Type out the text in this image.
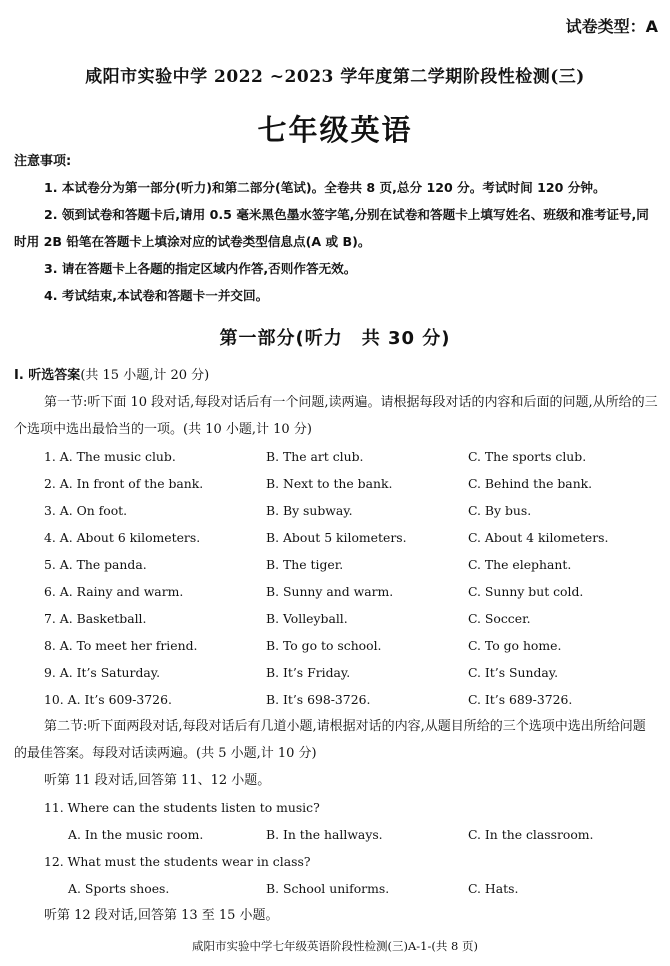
试卷类型：A
咸阳市实验中学 2022 ~2023 学年度第二学期阶段性检测(三)
七年级英语
注意事项:
1. 本试卷分为第一部分(听力)和第二部分(笔试)。全卷共 8 页,总分 120 分。考试时间 120 分钟。
2. 领到试卷和答题卡后,请用 0.5 毫米黑色墨水签字笔,分别在试卷和答题卡上填写姓名、班级和准考证号,同时用 2B 铅笔在答题卡上填涂对应的试卷类型信息点(A 或 B)。
3. 请在答题卡上各题的指定区域内作答,否则作答无效。
4. 考试结束,本试卷和答题卡一并交回。
第一部分(听力　共 30 分)
Ⅰ. 听选答案(共 15 小题,计 20 分)
第一节:听下面 10 段对话,每段对话后有一个问题,读两遍。请根据每段对话的内容和后面的问题,从所给的三个选项中选出最恰当的一项。(共 10 小题,计 10 分)
1. A. The music club.	B. The art club.	C. The sports club.
2. A. In front of the bank.	B. Next to the bank.	C. Behind the bank.
3. A. On foot.	B. By subway.	C. By bus.
4. A. About 6 kilometers.	B. About 5 kilometers.	C. About 4 kilometers.
5. A. The panda.	B. The tiger.	C. The elephant.
6. A. Rainy and warm.	B. Sunny and warm.	C. Sunny but cold.
7. A. Basketball.	B. Volleyball.	C. Soccer.
8. A. To meet her friend.	B. To go to school.	C. To go home.
9. A. It’s Saturday.	B. It’s Friday.	C. It’s Sunday.
10. A. It’s 609-3726.	B. It’s 698-3726.	C. It’s 689-3726.
第二节:听下面两段对话,每段对话后有几道小题,请根据对话的内容,从题目所给的三个选项中选出所给问题的最佳答案。每段对话读两遍。(共 5 小题,计 10 分)
听第 11 段对话,回答第 11、12 小题。
11. Where can the students listen to music?
A. In the music room.	B. In the hallways.	C. In the classroom.
12. What must the students wear in class?
A. Sports shoes.	B. School uniforms.	C. Hats.
听第 12 段对话,回答第 13 至 15 小题。
咸阳市实验中学七年级英语阶段性检测(三)A-1-(共 8 页)
